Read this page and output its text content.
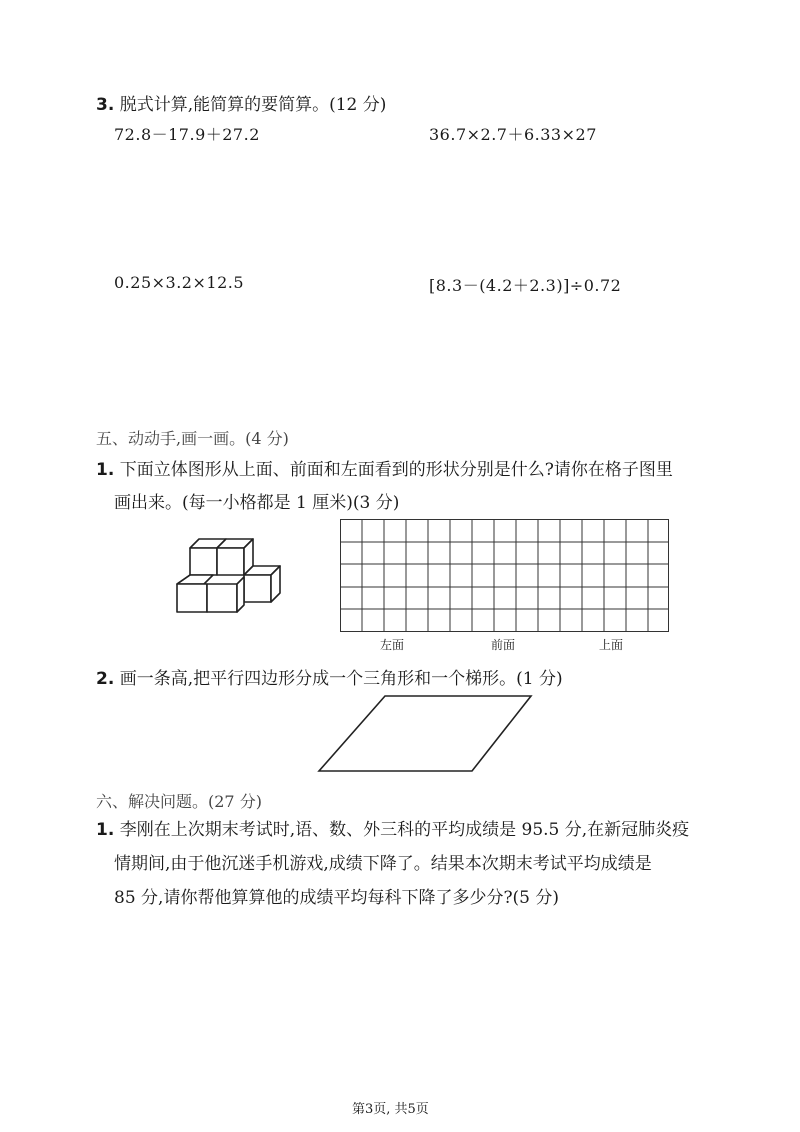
3. 脱式计算,能简算的要简算。(12 分)
72.8－17.9＋27.2	36.7×2.7＋6.33×27
0.25×3.2×12.5	[8.3－(4.2＋2.3)]÷0.72
五、动动手,画一画。(4 分)
1. 下面立体图形从上面、前面和左面看到的形状分别是什么?请你在格子图里
画出来。(每一小格都是 1 厘米)(3 分)
左面	前面	上面
2. 画一条高,把平行四边形分成一个三角形和一个梯形。(1 分)
六、解决问题。(27 分)
1. 李刚在上次期末考试时,语、数、外三科的平均成绩是 95.5 分,在新冠肺炎疫
情期间,由于他沉迷手机游戏,成绩下降了。结果本次期末考试平均成绩是
85 分,请你帮他算算他的成绩平均每科下降了多少分?(5 分)
第3页, 共5页
